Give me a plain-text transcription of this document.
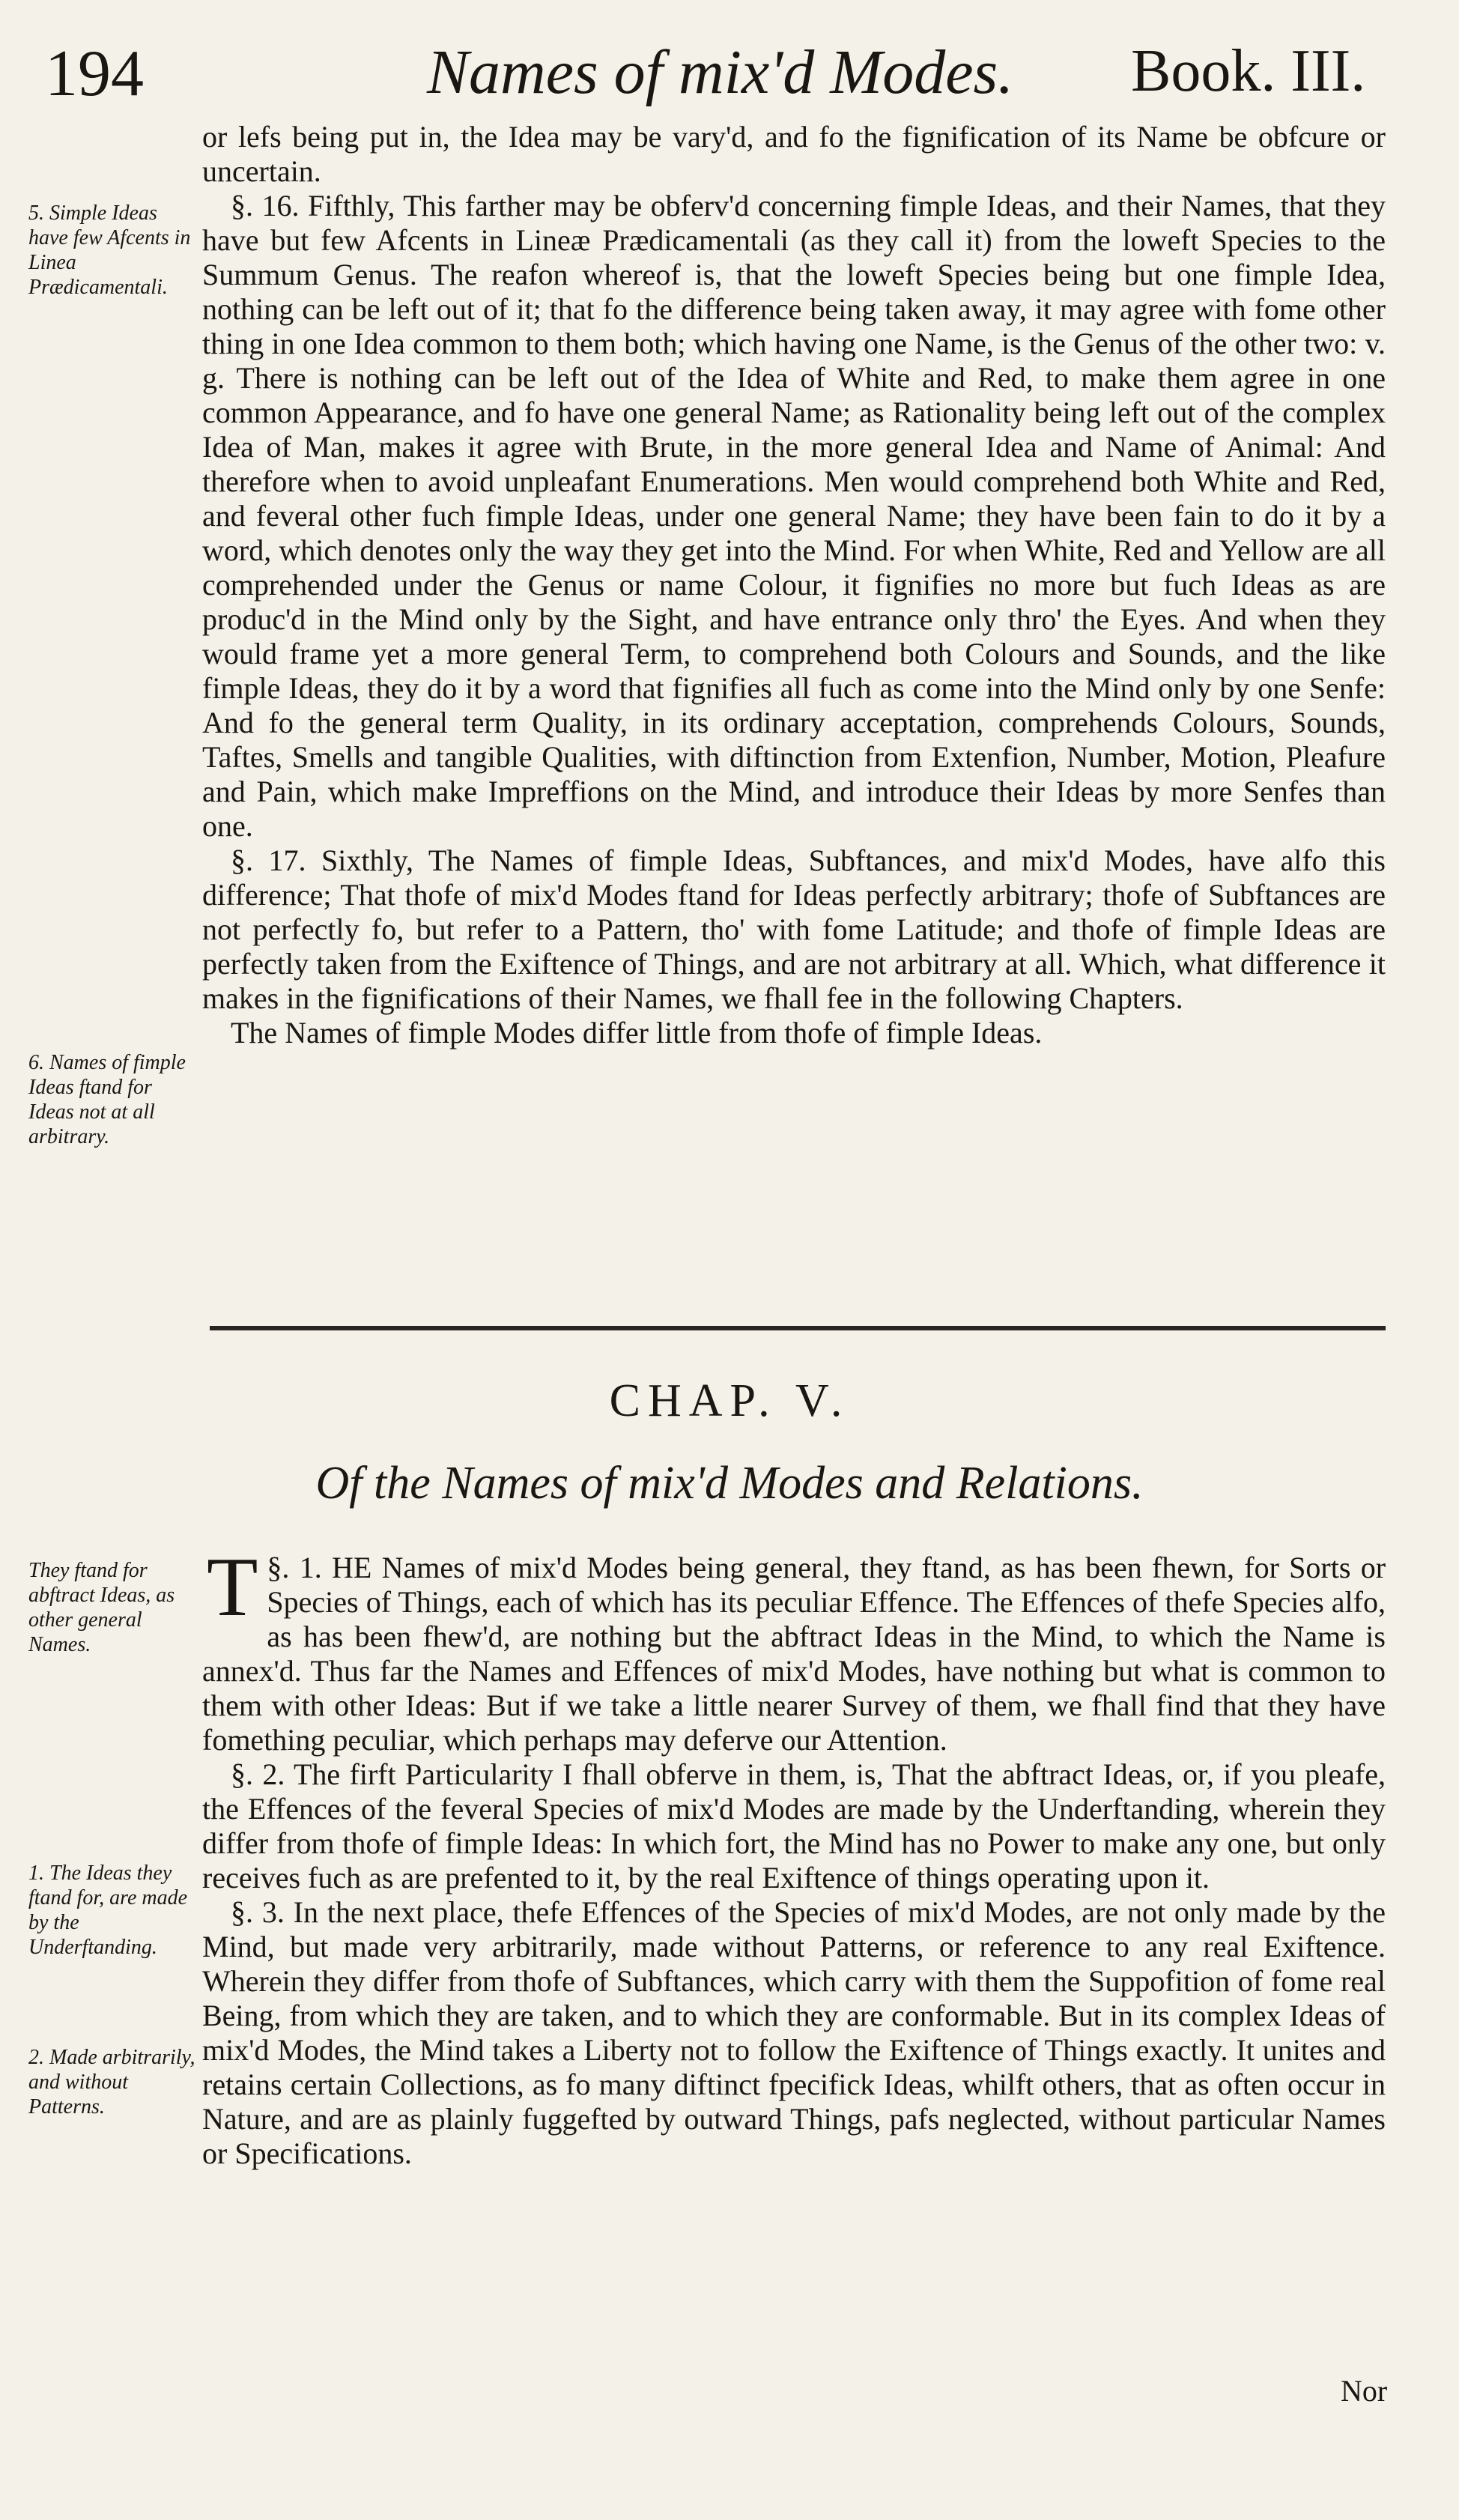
194	Names of mix'd Modes. Book. III.
5. Simple Ideas have few Afcents in Linea Prædicamentali.
6. Names of fimple Ideas ftand for Ideas not at all arbitrary.
They ftand for abftract Ideas, as other general Names.
1. The Ideas they ftand for, are made by the Underftanding.
2. Made arbitrarily, and without Patterns.

or lefs being put in, the Idea may be vary'd, and fo the fignification of its Name be obfcure or uncertain.

§. 16. Fifthly, This farther may be obferv'd concerning fimple Ideas, and their Names, that they have but few Afcents in Lineæ Prædicamentali (as they call it) from the loweft Species to the Summum Genus. The reafon whereof is, that the loweft Species being but one fimple Idea, nothing can be left out of it; that fo the difference being taken away, it may agree with fome other thing in one Idea common to them both; which having one Name, is the Genus of the other two: v. g. There is nothing can be left out of the Idea of White and Red, to make them agree in one common Appearance, and fo have one general Name; as Rationality being left out of the complex Idea of Man, makes it agree with Brute, in the more general Idea and Name of Animal: And therefore when to avoid unpleafant Enumerations. Men would comprehend both White and Red, and feveral other fuch fimple Ideas, under one general Name; they have been fain to do it by a word, which denotes only the way they get into the Mind. For when White, Red and Yellow are all comprehended under the Genus or name Colour, it fignifies no more but fuch Ideas as are produc'd in the Mind only by the Sight, and have entrance only thro' the Eyes. And when they would frame yet a more general Term, to comprehend both Colours and Sounds, and the like fimple Ideas, they do it by a word that fignifies all fuch as come into the Mind only by one Senfe: And fo the general term Quality, in its ordinary acceptation, comprehends Colours, Sounds, Taftes, Smells and tangible Qualities, with diftinction from Extenfion, Number, Motion, Pleafure and Pain, which make Impreffions on the Mind, and introduce their Ideas by more Senfes than one.

§. 17. Sixthly, The Names of fimple Ideas, Subftances, and mix'd Modes, have alfo this difference; That thofe of mix'd Modes ftand for Ideas perfectly arbitrary; thofe of Subftances are not perfectly fo, but refer to a Pattern, tho' with fome Latitude; and thofe of fimple Ideas are perfectly taken from the Exiftence of Things, and are not arbitrary at all. Which, what difference it makes in the fignifications of their Names, we fhall fee in the following Chapters.

The Names of fimple Modes differ little from thofe of fimple Ideas.

CHAP. V.
Of the Names of mix'd Modes and Relations.

§. 1.
T HE Names of mix'd Modes being general, they ftand, as has been fhewn, for Sorts or Species of Things, each of which has its peculiar Effence. The Effences of thefe Species alfo, as has been fhew'd, are nothing but the abftract Ideas in the Mind, to which the Name is annex'd. Thus far the Names and Effences of mix'd Modes, have nothing but what is common to them with other Ideas: But if we take a little nearer Survey of them, we fhall find that they have fomething peculiar, which perhaps may deferve our Attention.

§. 2. The firft Particularity I fhall obferve in them, is, That the abftract Ideas, or, if you pleafe, the Effences of the feveral Species of mix'd Modes are made by the Underftanding, wherein they differ from thofe of fimple Ideas: In which fort, the Mind has no Power to make any one, but only receives fuch as are prefented to it, by the real Exiftence of things operating upon it.

§. 3. In the next place, thefe Effences of the Species of mix'd Modes, are not only made by the Mind, but made very arbitrarily, made without Patterns, or reference to any real Exiftence. Wherein they differ from thofe of Subftances, which carry with them the Suppofition of fome real Being, from which they are taken, and to which they are conformable. But in its complex Ideas of mix'd Modes, the Mind takes a Liberty not to follow the Exiftence of Things exactly. It unites and retains certain Collections, as fo many diftinct fpecifick Ideas, whilft others, that as often occur in Nature, and are as plainly fuggefted by outward Things, pafs neglected, without particular Names or Specifications.

Nor
